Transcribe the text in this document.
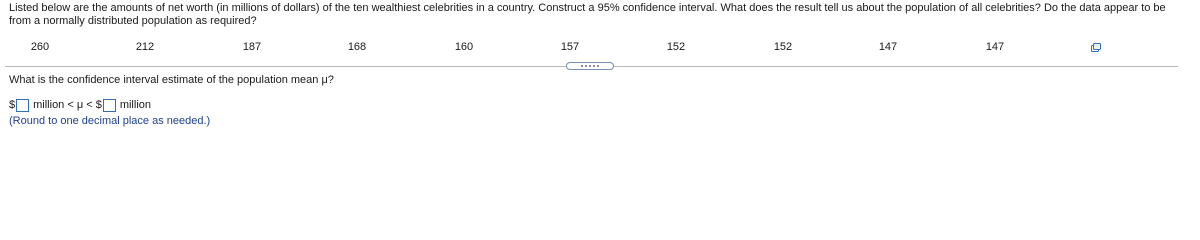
Listed below are the amounts of net worth (in millions of dollars) of the ten wealthiest celebrities in a country. Construct a 95% confidence interval. What does the result tell us about the population of all celebrities? Do the data appear to be from a normally distributed population as required?

260	212	187	168	160	157	152	152	147	147

What is the confidence interval estimate of the population mean μ?

$ million < μ < $ million
(Round to one decimal place as needed.)
